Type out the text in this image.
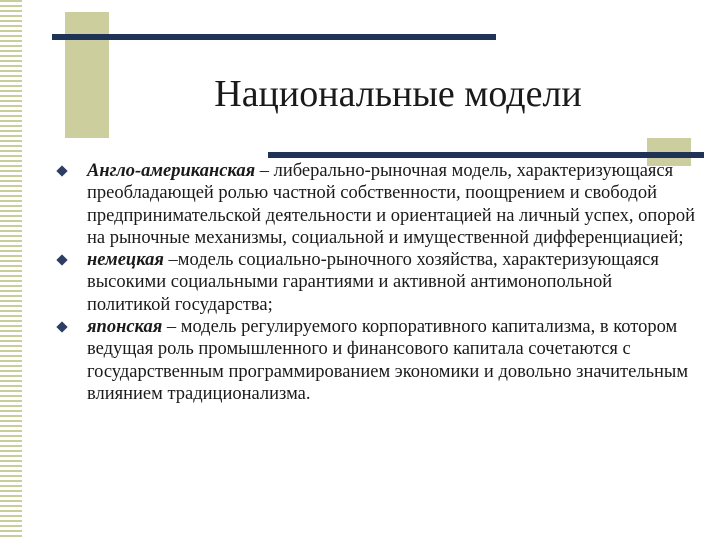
Национальные модели
Англо-американская – либерально-рыночная модель, характеризующаяся преобладающей ролью частной собственности, поощрением и свободой предпринимательской деятельности и ориентацией на личный успех, опорой на рыночные механизмы, социальной и имущественной дифференциацией;
немецкая –модель социально-рыночного хозяйства, характеризующаяся высокими социальными гарантиями и активной антимонопольной политикой государства;
японская – модель регулируемого корпоративного капитализма, в котором ведущая роль промышленного и финансового капитала сочетаются с государственным программированием экономики и довольно значительным влиянием традиционализма.
